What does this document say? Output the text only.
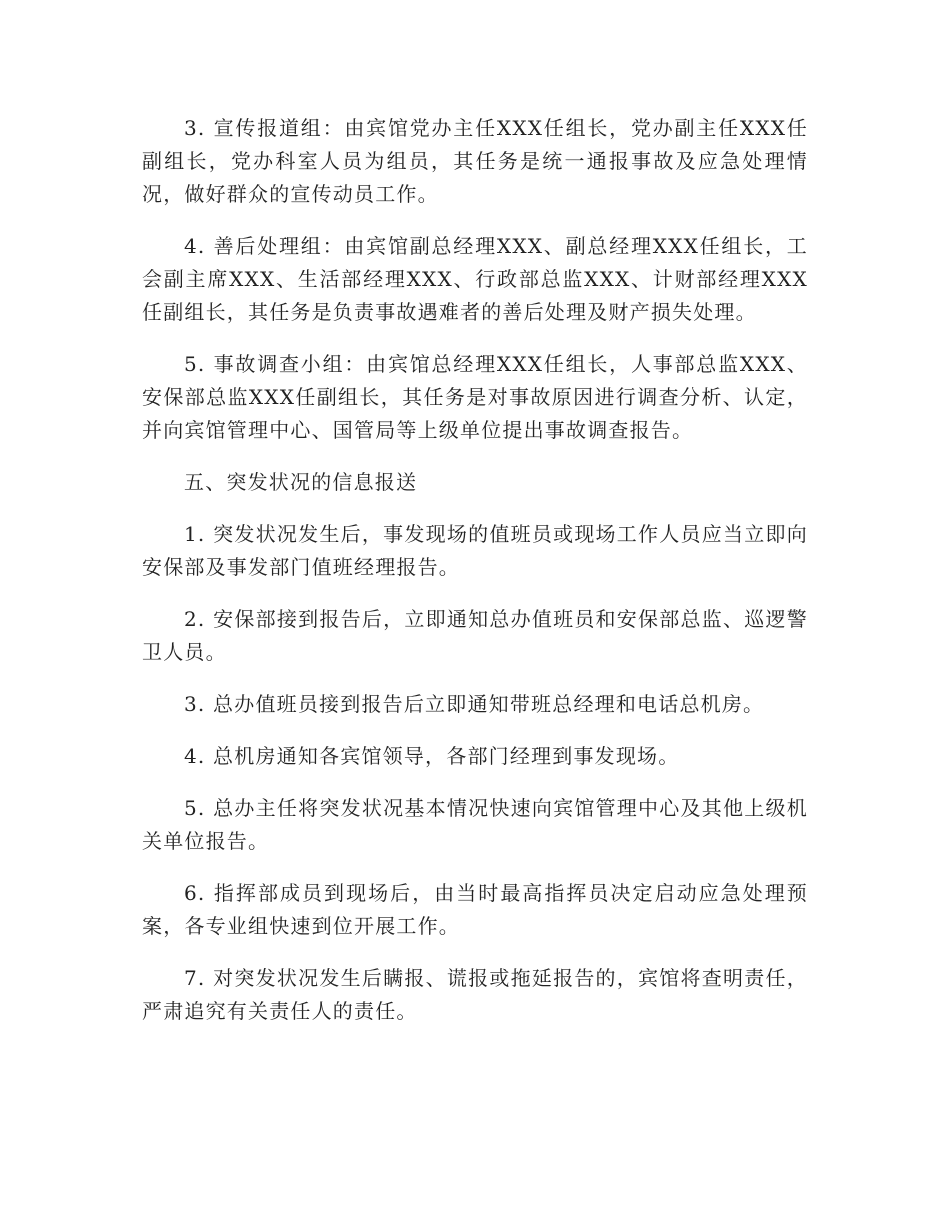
3. 宣传报道组：由宾馆党办主任XXX任组长，党办副主任XXX任副组长，党办科室人员为组员，其任务是统一通报事故及应急处理情况，做好群众的宣传动员工作。

4. 善后处理组：由宾馆副总经理XXX、副总经理XXX任组长，工会副主席XXX、生活部经理XXX、行政部总监XXX、计财部经理XXX任副组长，其任务是负责事故遇难者的善后处理及财产损失处理。

5. 事故调查小组：由宾馆总经理XXX任组长，人事部总监XXX、安保部总监XXX任副组长，其任务是对事故原因进行调查分析、认定，并向宾馆管理中心、国管局等上级单位提出事故调查报告。

五、突发状况的信息报送

1. 突发状况发生后，事发现场的值班员或现场工作人员应当立即向安保部及事发部门值班经理报告。

2. 安保部接到报告后，立即通知总办值班员和安保部总监、巡逻警卫人员。

3. 总办值班员接到报告后立即通知带班总经理和电话总机房。

4. 总机房通知各宾馆领导，各部门经理到事发现场。

5. 总办主任将突发状况基本情况快速向宾馆管理中心及其他上级机关单位报告。

6. 指挥部成员到现场后，由当时最高指挥员决定启动应急处理预案，各专业组快速到位开展工作。

7. 对突发状况发生后瞒报、谎报或拖延报告的，宾馆将查明责任，严肃追究有关责任人的责任。
